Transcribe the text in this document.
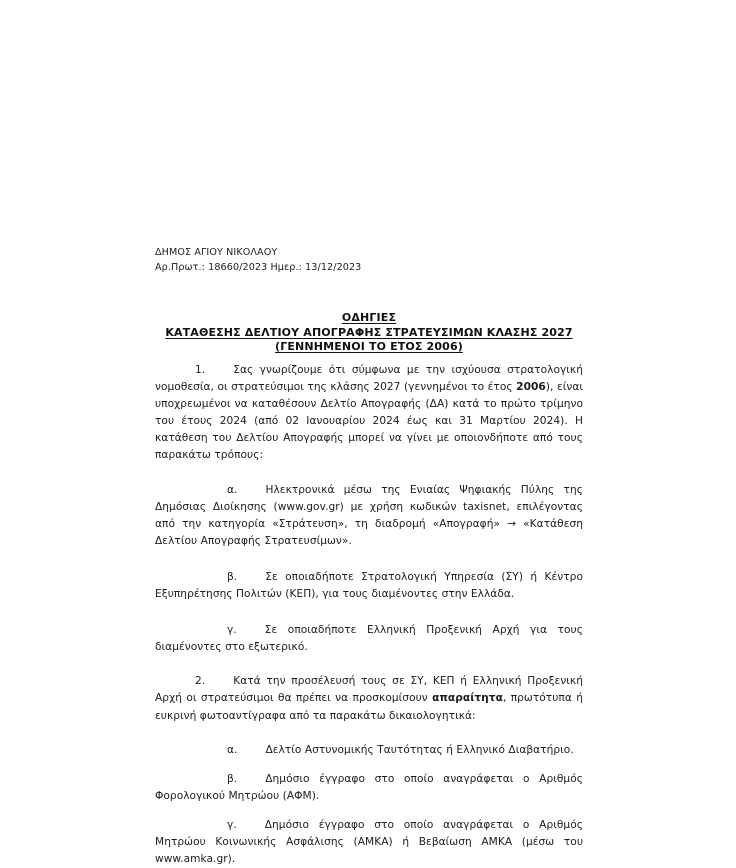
ΔΗΜΟΣ ΑΓΙΟΥ ΝΙΚΟΛΑΟΥ
Αρ.Πρωτ.: 18660/2023 Ημερ.: 13/12/2023
ΟΔΗΓΙΕΣ
ΚΑΤΑΘΕΣΗΣ ΔΕΛΤΙΟΥ ΑΠΟΓΡΑΦΗΣ ΣΤΡΑΤΕΥΣΙΜΩΝ ΚΛΑΣΗΣ 2027
(ΓΕΝΝΗΜΕΝΟΙ ΤΟ ΕΤΟΣ 2006)

1.	Σας γνωρίζουμε ότι σύμφωνα με την ισχύουσα στρατολογική νομοθεσία, οι στρατεύσιμοι της κλάσης 2027 (γεννημένοι το έτος 2006), είναι υποχρεωμένοι να καταθέσουν Δελτίο Απογραφής (ΔΑ) κατά το πρώτο τρίμηνο του έτους 2024 (από 02 Ιανουαρίου 2024 έως και 31 Μαρτίου 2024). Η κατάθεση του Δελτίου Απογραφής μπορεί να γίνει με οποιονδήποτε από τους παρακάτω τρόπους:

α.	Ηλεκτρονικά μέσω της Ενιαίας Ψηφιακής Πύλης της Δημόσιας Διοίκησης (www.gov.gr) με χρήση κωδικών taxisnet, επιλέγοντας από την κατηγορία «Στράτευση», τη διαδρομή «Απογραφή» → «Κατάθεση Δελτίου Απογραφής Στρατευσίμων».

β.	Σε οποιαδήποτε Στρατολογική Υπηρεσία (ΣΥ) ή Κέντρο Εξυπηρέτησης Πολιτών (ΚΕΠ), για τους διαμένοντες στην Ελλάδα.

γ.	Σε οποιαδήποτε Ελληνική Προξενική Αρχή για τους διαμένοντες στο εξωτερικό.

2.	Κατά την προσέλευσή τους σε ΣΥ, ΚΕΠ ή Ελληνική Προξενική Αρχή οι στρατεύσιμοι θα πρέπει να προσκομίσουν απαραίτητα, πρωτότυπα ή ευκρινή φωτοαντίγραφα από τα παρακάτω δικαιολογητικά:

α.	Δελτίο Αστυνομικής Ταυτότητας ή Ελληνικό Διαβατήριο.

β.	Δημόσιο έγγραφο στο οποίο αναγράφεται ο Αριθμός Φορολογικού Μητρώου (ΑΦΜ).

γ.	Δημόσιο έγγραφο στο οποίο αναγράφεται ο Αριθμός Μητρώου Κοινωνικής Ασφάλισης (ΑΜΚΑ) ή Βεβαίωση ΑΜΚΑ (μέσω του www.amka.gr).
